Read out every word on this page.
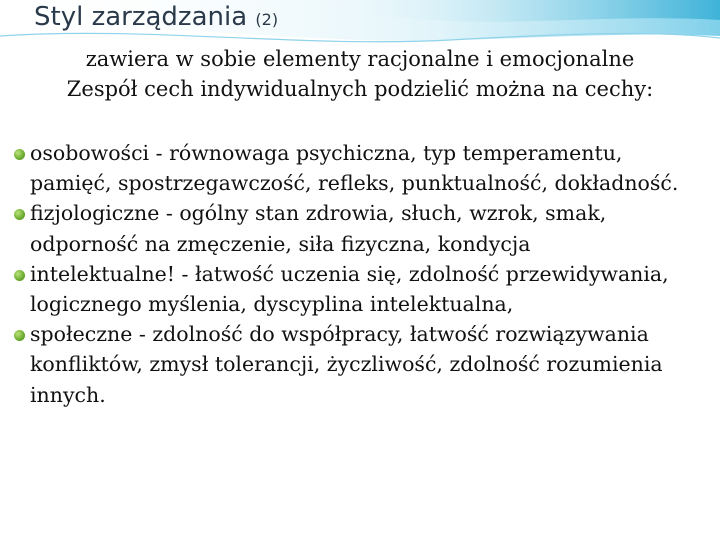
Styl zarządzania (2)
zawiera w sobie elementy racjonalne i emocjonalne
Zespół cech indywidualnych podzielić można na cechy:
osobowości - równowaga psychiczna, typ temperamentu, pamięć, spostrzegawczość, refleks, punktualność, dokładność.
fizjologiczne - ogólny stan zdrowia, słuch, wzrok, smak, odporność na zmęczenie, siła fizyczna, kondycja
intelektualne! - łatwość uczenia się, zdolność przewidywania, logicznego myślenia, dyscyplina intelektualna,
społeczne - zdolność do współpracy, łatwość rozwiązywania konfliktów, zmysł tolerancji, życzliwość, zdolność rozumienia innych.
